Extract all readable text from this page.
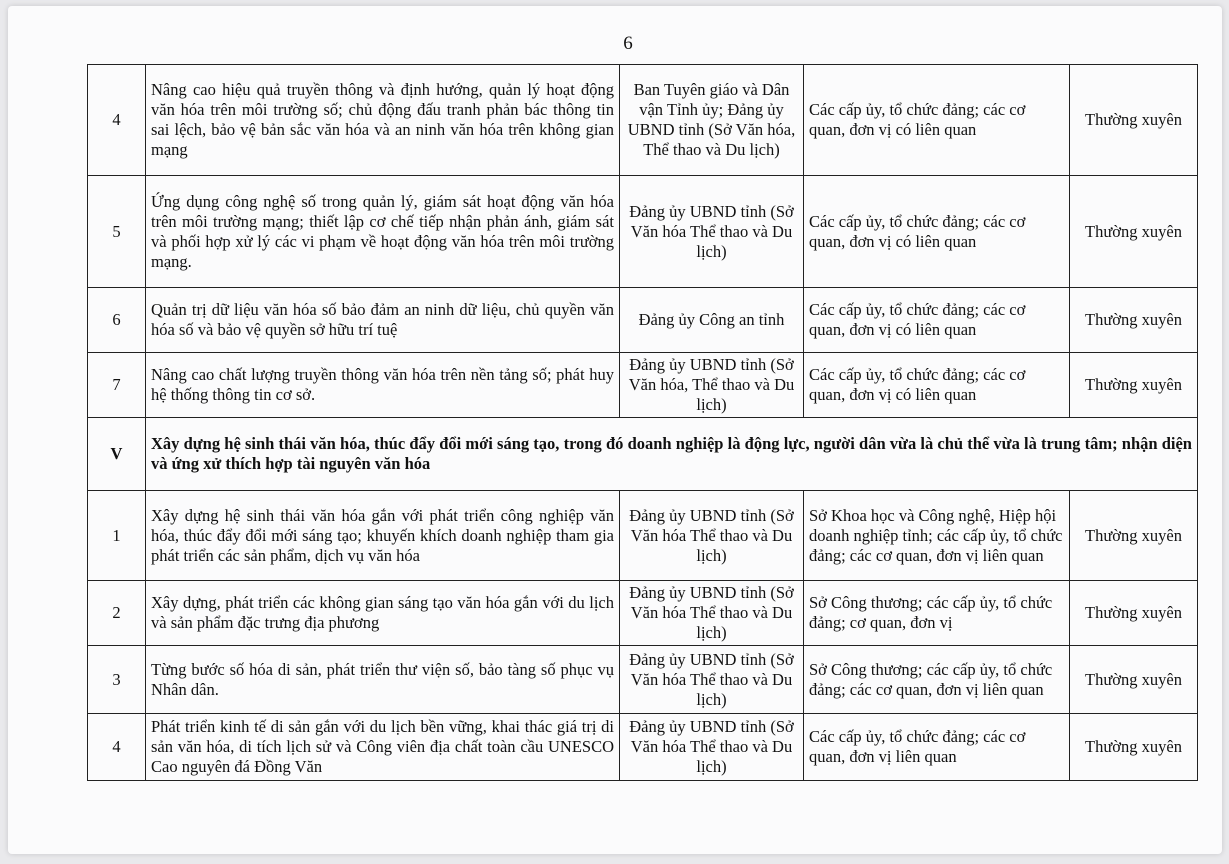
6
4	Nâng cao hiệu quả truyền thông và định hướng, quản lý hoạt động văn hóa trên môi trường số; chủ động đấu tranh phản bác thông tin sai lệch, bảo vệ bản sắc văn hóa và an ninh văn hóa trên không gian mạng	Ban Tuyên giáo và Dân vận Tỉnh ủy; Đảng ủy UBND tỉnh (Sở Văn hóa, Thể thao và Du lịch)	Các cấp ủy, tổ chức đảng; các cơ quan, đơn vị có liên quan	Thường xuyên
5	Ứng dụng công nghệ số trong quản lý, giám sát hoạt động văn hóa trên môi trường mạng; thiết lập cơ chế tiếp nhận phản ánh, giám sát và phối hợp xử lý các vi phạm về hoạt động văn hóa trên môi trường mạng.	Đảng ủy UBND tỉnh (Sở Văn hóa Thể thao và Du lịch)	Các cấp ủy, tổ chức đảng; các cơ quan, đơn vị có liên quan	Thường xuyên
6	Quản trị dữ liệu văn hóa số bảo đảm an ninh dữ liệu, chủ quyền văn hóa số và bảo vệ quyền sở hữu trí tuệ	Đảng ủy Công an tỉnh	Các cấp ủy, tổ chức đảng; các cơ quan, đơn vị có liên quan	Thường xuyên
7	Nâng cao chất lượng truyền thông văn hóa trên nền tảng số; phát huy hệ thống thông tin cơ sở.	Đảng ủy UBND tỉnh (Sở Văn hóa, Thể thao và Du lịch)	Các cấp ủy, tổ chức đảng; các cơ quan, đơn vị có liên quan	Thường xuyên
V	Xây dựng hệ sinh thái văn hóa, thúc đẩy đổi mới sáng tạo, trong đó doanh nghiệp là động lực, người dân vừa là chủ thể vừa là trung tâm; nhận diện và ứng xử thích hợp tài nguyên văn hóa			
1	Xây dựng hệ sinh thái văn hóa gắn với phát triển công nghiệp văn hóa, thúc đẩy đổi mới sáng tạo; khuyến khích doanh nghiệp tham gia phát triển các sản phẩm, dịch vụ văn hóa	Đảng ủy UBND tỉnh (Sở Văn hóa Thể thao và Du lịch)	Sở Khoa học và Công nghệ, Hiệp hội doanh nghiệp tỉnh; các cấp ủy, tổ chức đảng; các cơ quan, đơn vị liên quan	Thường xuyên
2	Xây dựng, phát triển các không gian sáng tạo văn hóa gắn với du lịch và sản phẩm đặc trưng địa phương	Đảng ủy UBND tỉnh (Sở Văn hóa Thể thao và Du lịch)	Sở Công thương; các cấp ủy, tổ chức đảng; cơ quan, đơn vị	Thường xuyên
3	Từng bước số hóa di sản, phát triển thư viện số, bảo tàng số phục vụ Nhân dân.	Đảng ủy UBND tỉnh (Sở Văn hóa Thể thao và Du lịch)	Sở Công thương; các cấp ủy, tổ chức đảng; các cơ quan, đơn vị liên quan	Thường xuyên
4	Phát triển kinh tế di sản gắn với du lịch bền vững, khai thác giá trị di sản văn hóa, di tích lịch sử và Công viên địa chất toàn cầu UNESCO Cao nguyên đá Đồng Văn	Đảng ủy UBND tỉnh (Sở Văn hóa Thể thao và Du lịch)	Các cấp ủy, tổ chức đảng; các cơ quan, đơn vị liên quan	Thường xuyên
